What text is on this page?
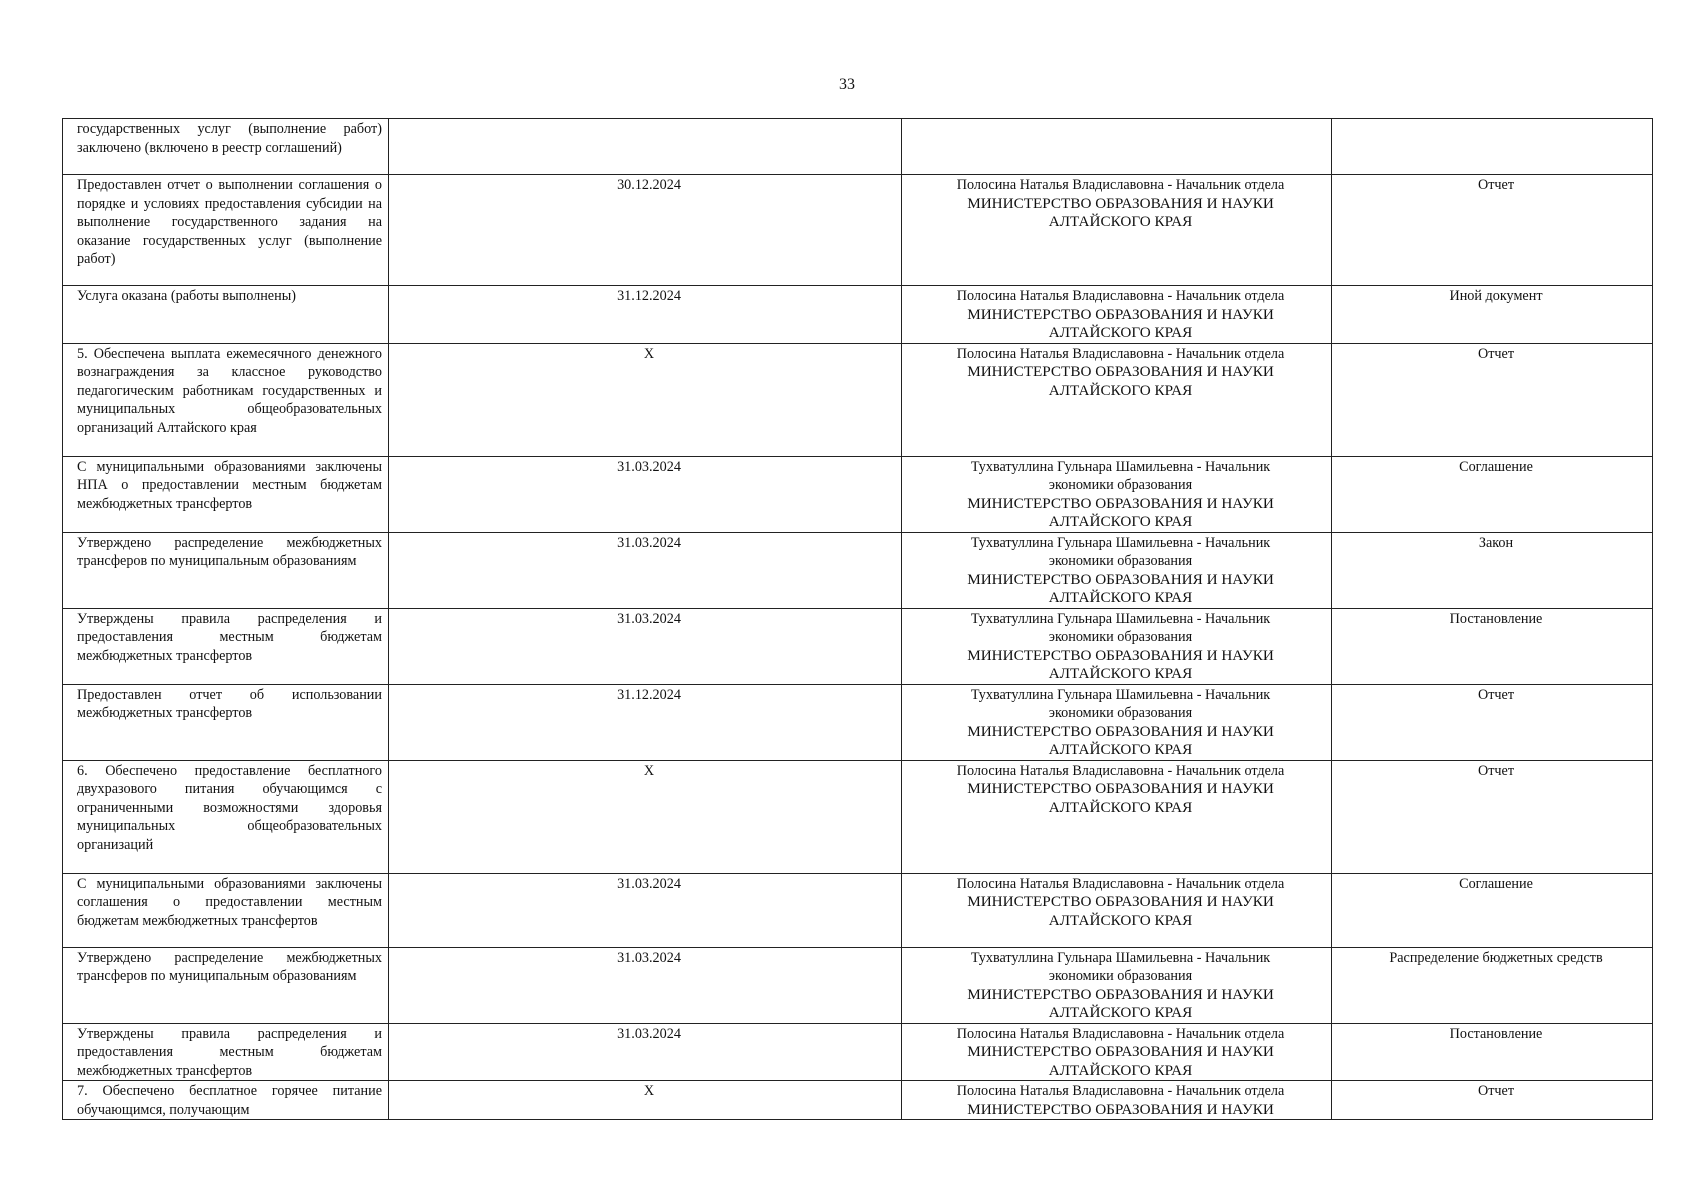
33
государственных услуг (выполнение работ) заключено (включено в реестр соглашений)			
Предоставлен отчет о выполнении соглашения о порядке и условиях предоставления субсидии на выполнение государственного задания на оказание государственных услуг (выполнение работ)	30.12.2024	Полосина Наталья Владиславовна - Начальник отдела
МИНИСТЕРСТВО ОБРАЗОВАНИЯ И НАУКИ АЛТАЙСКОГО КРАЯ	Отчет
Услуга оказана (работы выполнены)	31.12.2024	Полосина Наталья Владиславовна - Начальник отдела
МИНИСТЕРСТВО ОБРАЗОВАНИЯ И НАУКИ АЛТАЙСКОГО КРАЯ	Иной документ
5. Обеспечена выплата ежемесячного денежного вознаграждения за классное руководство педагогическим работникам государственных и муниципальных общеобразовательных организаций Алтайского края	X	Полосина Наталья Владиславовна - Начальник отдела
МИНИСТЕРСТВО ОБРАЗОВАНИЯ И НАУКИ АЛТАЙСКОГО КРАЯ	Отчет
С муниципальными образованиями заключены НПА о предоставлении местным бюджетам межбюджетных трансфертов	31.03.2024	Тухватуллина Гульнара Шамильевна - Начальник
экономики образования
МИНИСТЕРСТВО ОБРАЗОВАНИЯ И НАУКИ АЛТАЙСКОГО КРАЯ	Соглашение
Утверждено распределение межбюджетных трансферов по муниципальным образованиям	31.03.2024	Тухватуллина Гульнара Шамильевна - Начальник
экономики образования
МИНИСТЕРСТВО ОБРАЗОВАНИЯ И НАУКИ АЛТАЙСКОГО КРАЯ	Закон
Утверждены правила распределения и предоставления местным бюджетам межбюджетных трансфертов	31.03.2024	Тухватуллина Гульнара Шамильевна - Начальник
экономики образования
МИНИСТЕРСТВО ОБРАЗОВАНИЯ И НАУКИ АЛТАЙСКОГО КРАЯ	Постановление
Предоставлен отчет об использовании межбюджетных трансфертов	31.12.2024	Тухватуллина Гульнара Шамильевна - Начальник
экономики образования
МИНИСТЕРСТВО ОБРАЗОВАНИЯ И НАУКИ АЛТАЙСКОГО КРАЯ	Отчет
6. Обеспечено предоставление бесплатного двухразового питания обучающимся с ограниченными возможностями здоровья муниципальных общеобразовательных организаций	X	Полосина Наталья Владиславовна - Начальник отдела
МИНИСТЕРСТВО ОБРАЗОВАНИЯ И НАУКИ АЛТАЙСКОГО КРАЯ	Отчет
С муниципальными образованиями заключены соглашения о предоставлении местным бюджетам межбюджетных трансфертов	31.03.2024	Полосина Наталья Владиславовна - Начальник отдела
МИНИСТЕРСТВО ОБРАЗОВАНИЯ И НАУКИ АЛТАЙСКОГО КРАЯ	Соглашение
Утверждено распределение межбюджетных трансферов по муниципальным образованиям	31.03.2024	Тухватуллина Гульнара Шамильевна - Начальник
экономики образования
МИНИСТЕРСТВО ОБРАЗОВАНИЯ И НАУКИ АЛТАЙСКОГО КРАЯ	Распределение бюджетных средств
Утверждены правила распределения и предоставления местным бюджетам межбюджетных трансфертов	31.03.2024	Полосина Наталья Владиславовна - Начальник отдела
МИНИСТЕРСТВО ОБРАЗОВАНИЯ И НАУКИ АЛТАЙСКОГО КРАЯ	Постановление
7. Обеспечено бесплатное горячее питание обучающимся, получающим	X	Полосина Наталья Владиславовна - Начальник отдела
МИНИСТЕРСТВО ОБРАЗОВАНИЯ И НАУКИ	Отчет
